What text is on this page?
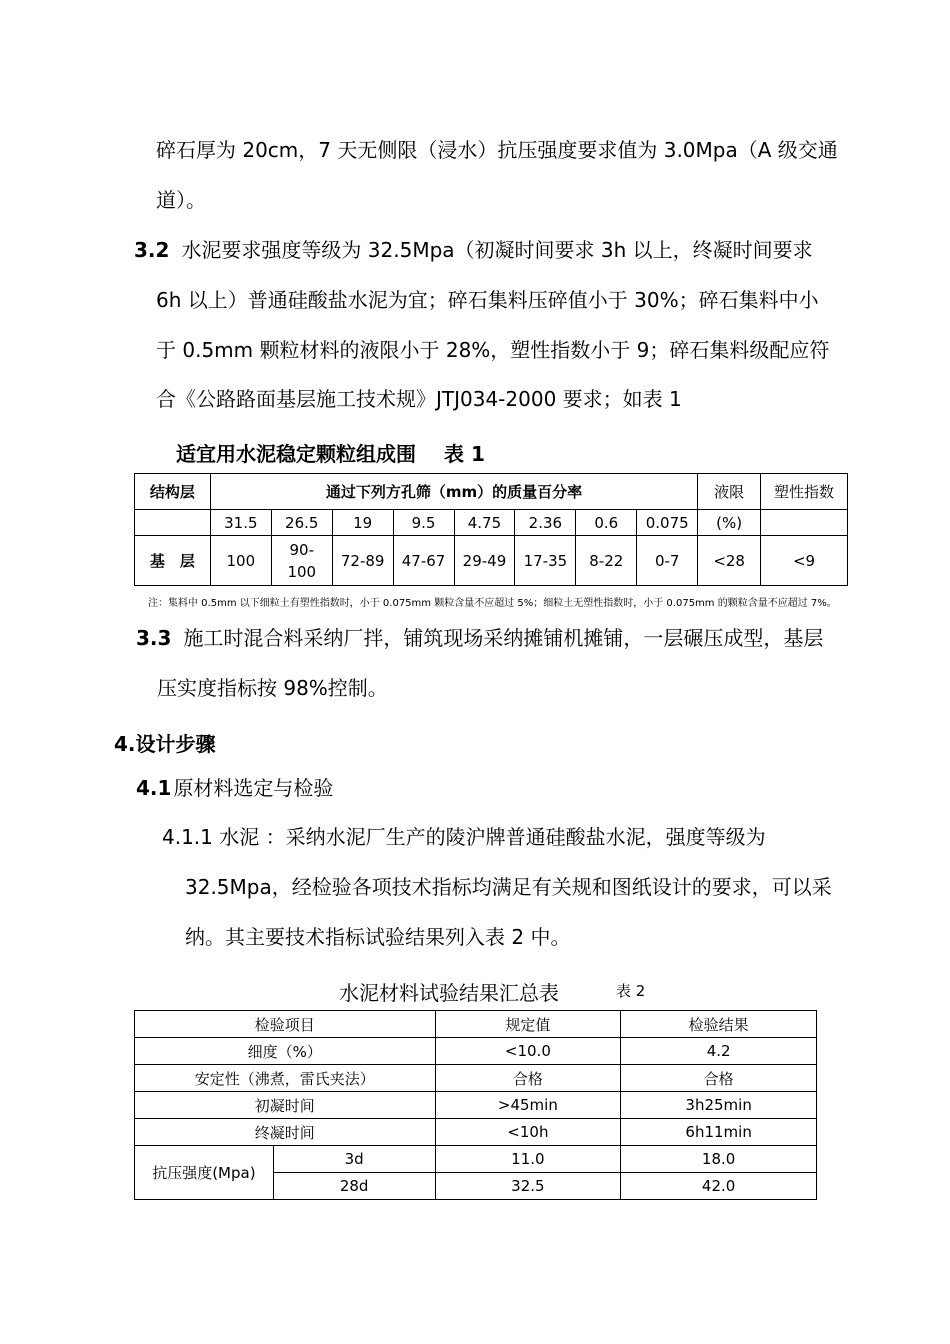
碎石厚为 20cm，7 天无侧限（浸水）抗压强度要求值为 3.0Mpa（A 级交通
道）。
3.2 水泥要求强度等级为 32.5Mpa（初凝时间要求 3h 以上，终凝时间要求
6h 以上）普通硅酸盐水泥为宜；碎石集料压碎值小于 30%；碎石集料中小
于 0.5mm 颗粒材料的液限小于 28%，塑性指数小于 9；碎石集料级配应符
合《公路路面基层施工技术规》JTJ034-2000 要求；如表 1
适宜用水泥稳定颗粒组成围 表 1
结构层	通过下列方孔筛（mm）的质量百分率								液限	塑性指数
	31.5	26.5	19	9.5	4.75	2.36	0.6	0.075	(%)	
基　层	100	90-
100	72-89	47-67	29-49	17-35	8-22	0-7	<28	<9
注：集料中 0.5mm 以下细粒土有塑性指数时，小于 0.075mm 颗粒含量不应超过 5%；细粒土无塑性指数时，小于 0.075mm 的颗粒含量不应超过 7%。
3.3 施工时混合料采纳厂拌，铺筑现场采纳摊铺机摊铺，一层碾压成型，基层
压实度指标按 98%控制。
4.设计步骤
4.1 原材料选定与检验
4.1.1 水泥 ：采纳水泥厂生产的陵沪牌普通硅酸盐水泥，强度等级为
32.5Mpa，经检验各项技术指标均满足有关规和图纸设计的要求，可以采
纳。其主要技术指标试验结果列入表 2 中。
水泥材料试验结果汇总表	表 2
检验项目		规定值	检验结果
细度（%）		<10.0	4.2
安定性（沸煮，雷氏夹法）		合格	合格
初凝时间		>45min	3h25min
终凝时间		<10h	6h11min
抗压强度(Mpa)	3d	11.0	18.0
	28d	32.5	42.0
